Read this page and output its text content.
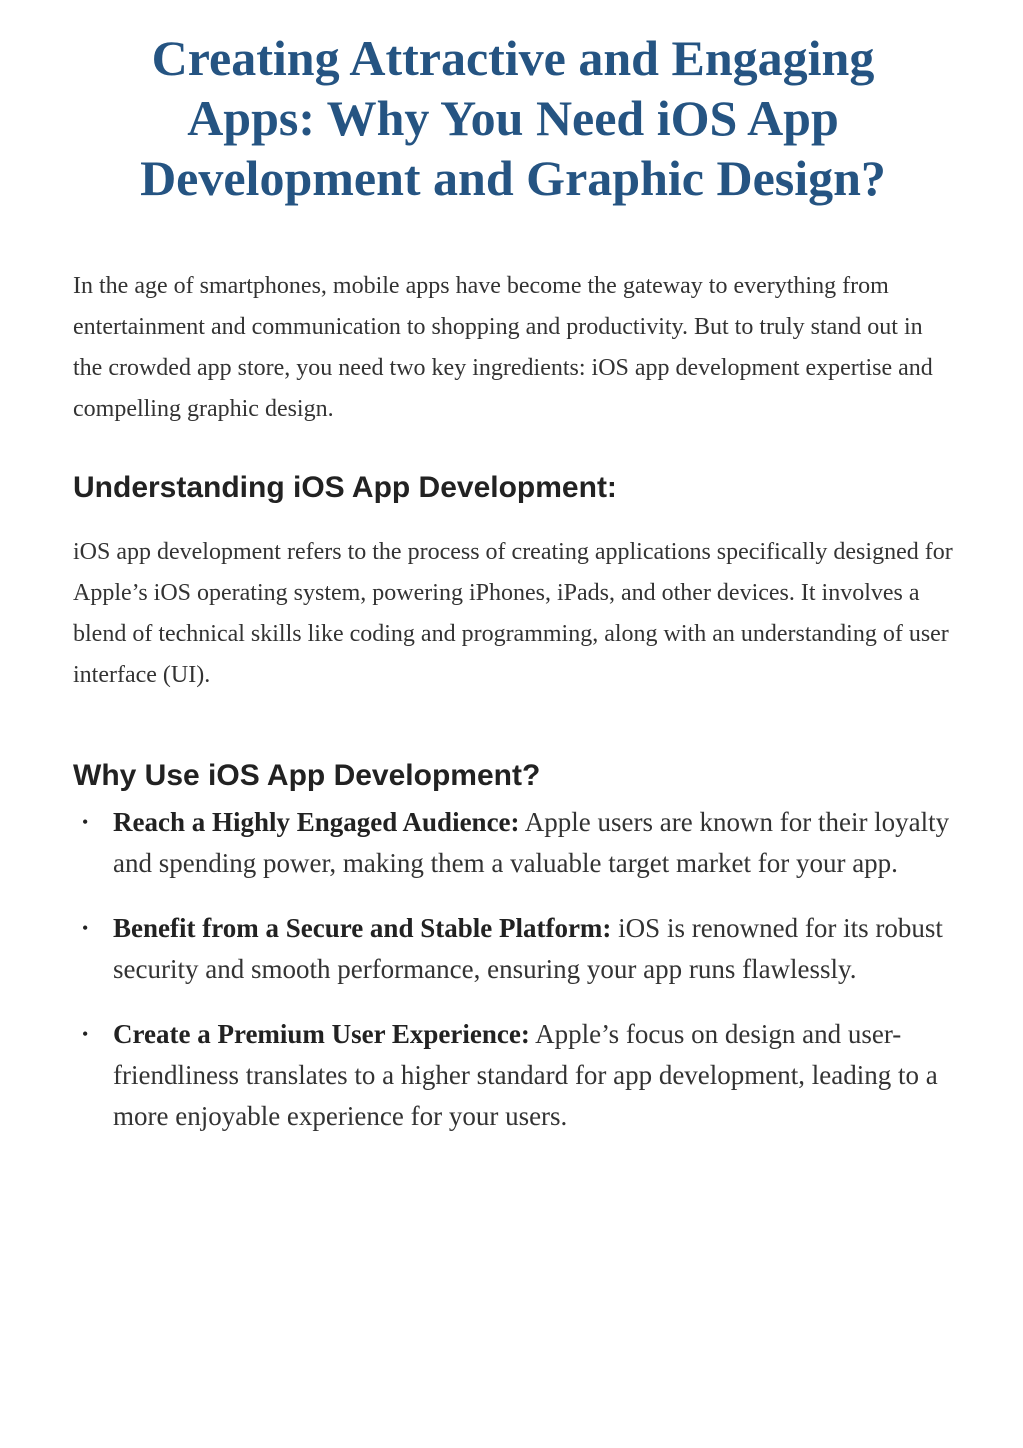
Creating Attractive and Engaging Apps: Why You Need iOS App Development and Graphic Design?

In the age of smartphones, mobile apps have become the gateway to everything from entertainment and communication to shopping and productivity. But to truly stand out in the crowded app store, you need two key ingredients: iOS app development expertise and compelling graphic design.

Understanding iOS App Development:

iOS app development refers to the process of creating applications specifically designed for Apple’s iOS operating system, powering iPhones, iPads, and other devices. It involves a blend of technical skills like coding and programming, along with an understanding of user interface (UI).

Why Use iOS App Development?
• Reach a Highly Engaged Audience: Apple users are known for their loyalty and spending power, making them a valuable target market for your app.
• Benefit from a Secure and Stable Platform: iOS is renowned for its robust security and smooth performance, ensuring your app runs flawlessly.
• Create a Premium User Experience: Apple’s focus on design and user-friendliness translates to a higher standard for app development, leading to a more enjoyable experience for your users.
